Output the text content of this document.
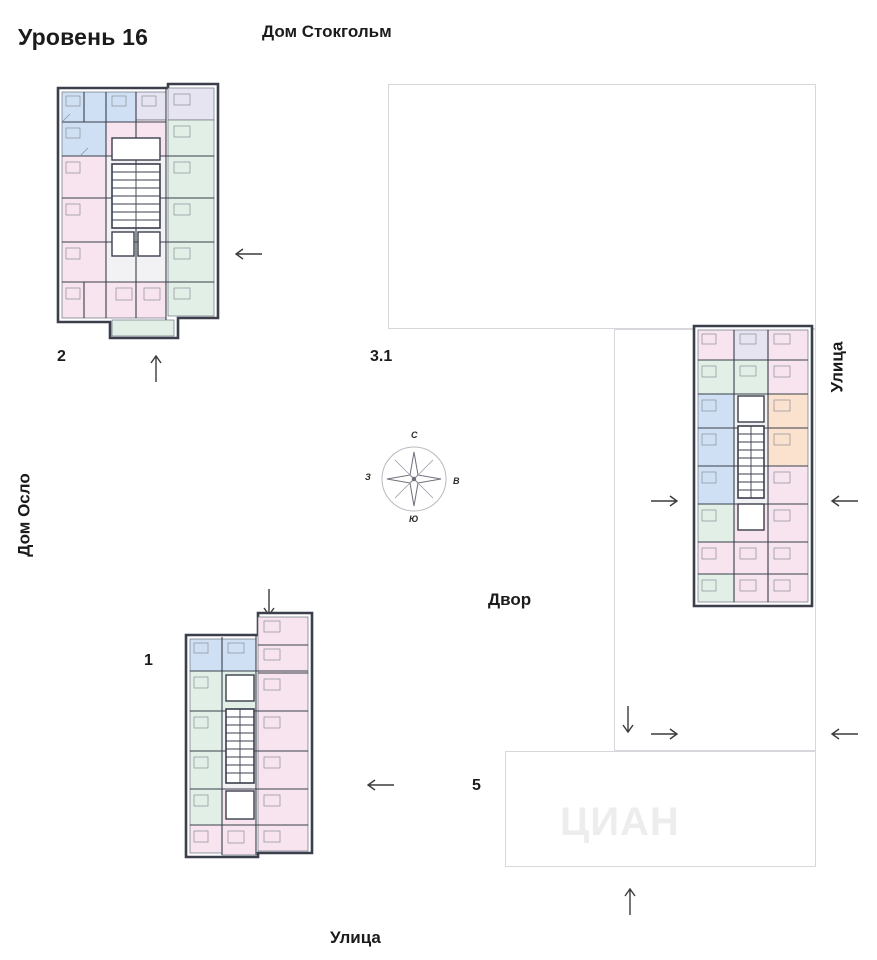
Уровень 16	Дом Стокгольм
Дом Осло
Улица
Улица
Двор
1
2	3.1
5
С
Ю
З	В
ЦИАН
